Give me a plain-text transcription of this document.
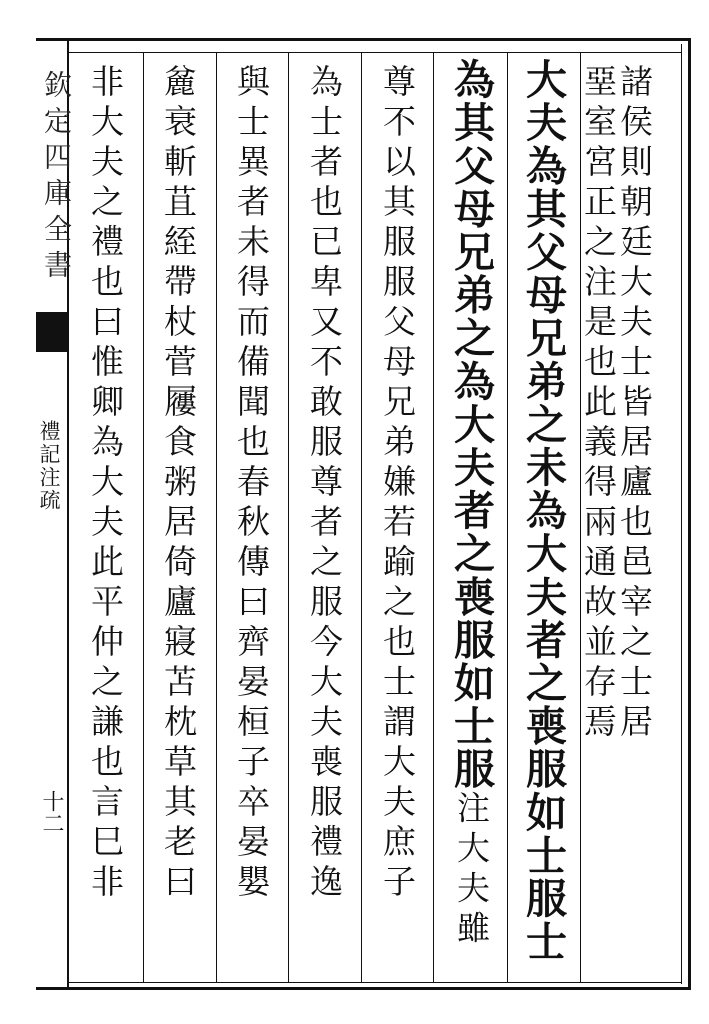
欽定四庫全書
禮記注疏
十二
諸侯則朝廷大夫士皆居廬也邑宰之士居
堊室宮正之注是也此義得兩通故並存焉
大夫為其父母兄弟之未為大夫者之喪服如士服士
為其父母兄弟之為大夫者之喪服如士服注大夫雖
尊不以其服服父母兄弟嫌若踰之也士謂大夫庶子
為士者也已卑又不敢服尊者之服今大夫喪服禮逸
與士異者未得而備聞也春秋傳曰齊晏桓子卒晏嬰
麄衰斬苴絰帶杖菅屨食粥居倚廬寢苫枕草其老曰
非大夫之禮也曰惟卿為大夫此平仲之謙也言巳非
